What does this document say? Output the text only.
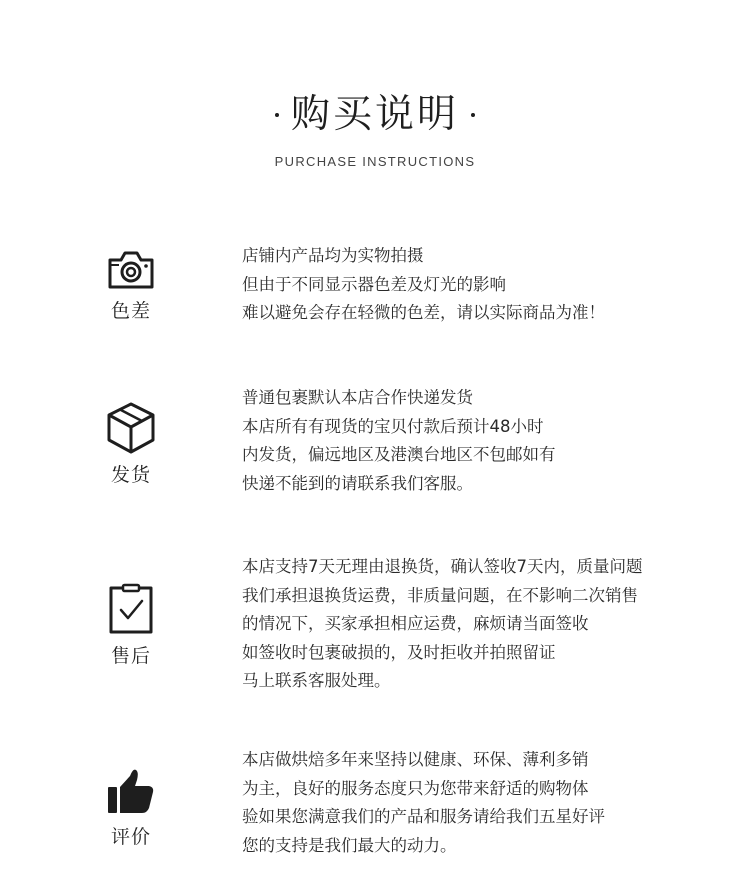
购买说明
PURCHASE INSTRUCTIONS
色差
店铺内产品均为实物拍摄
但由于不同显示器色差及灯光的影响
难以避免会存在轻微的色差，请以实际商品为准！
发货
普通包裹默认本店合作快递发货
本店所有有现货的宝贝付款后预计48小时
内发货，偏远地区及港澳台地区不包邮如有
快递不能到的请联系我们客服。
售后
本店支持7天无理由退换货，确认签收7天内，质量问题
我们承担退换货运费，非质量问题，在不影响二次销售
的情况下，买家承担相应运费，麻烦请当面签收
如签收时包裹破损的，及时拒收并拍照留证
马上联系客服处理。
评价
本店做烘焙多年来坚持以健康、环保、薄利多销
为主，良好的服务态度只为您带来舒适的购物体
验如果您满意我们的产品和服务请给我们五星好评
您的支持是我们最大的动力。
